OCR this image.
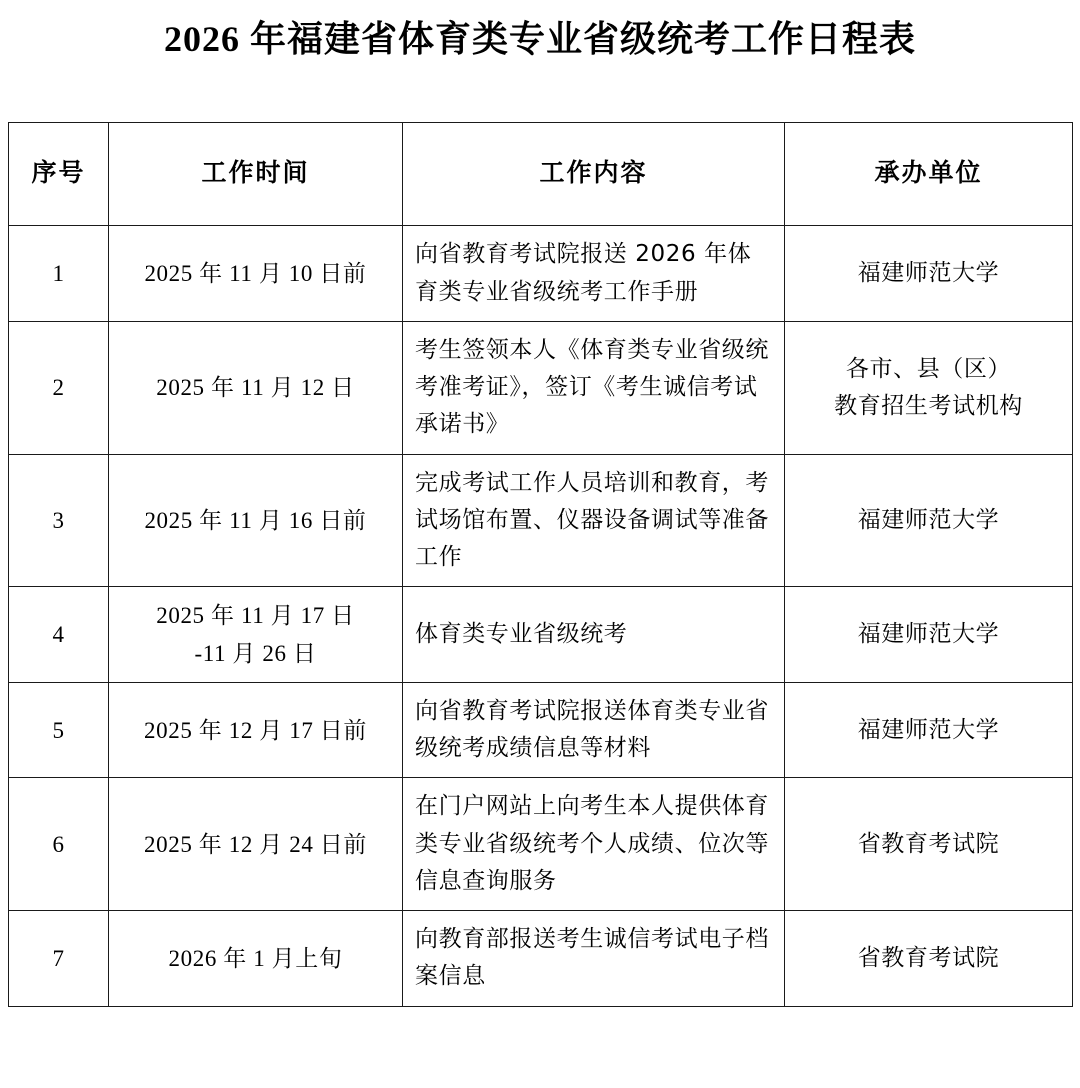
2026 年福建省体育类专业省级统考工作日程表
序号	工作时间	工作内容	承办单位
1	2025 年 11 月 10 日前	向省教育考试院报送 2026 年体育类专业省级统考工作手册	福建师范大学

2	2025 年 11 月 12 日	考生签领本人《体育类专业省级统考准考证》，签订《考生诚信考试承诺书》	各市、县（区）
教育招生考试机构

3	2025 年 11 月 16 日前	完成考试工作人员培训和教育，考试场馆布置、仪器设备调试等准备工作	福建师范大学

4	2025 年 11 月 17 日
-11 月 26 日	体育类专业省级统考	福建师范大学

5	2025 年 12 月 17 日前	向省教育考试院报送体育类专业省级统考成绩信息等材料	福建师范大学

6	2025 年 12 月 24 日前	在门户网站上向考生本人提供体育类专业省级统考个人成绩、位次等信息查询服务	省教育考试院

7	2026 年 1 月上旬	向教育部报送考生诚信考试电子档案信息	省教育考试院
